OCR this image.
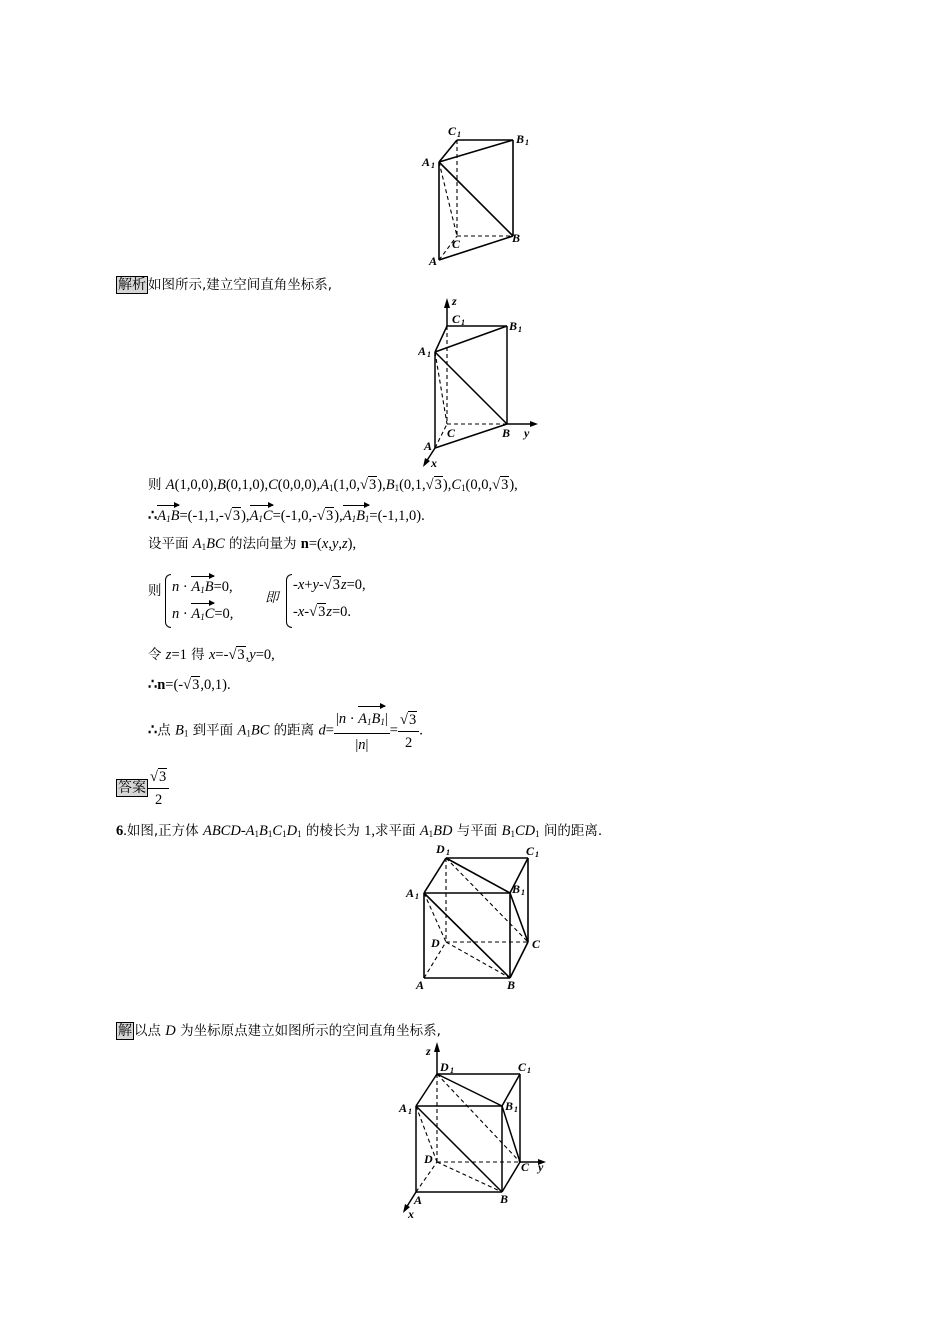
C 1	B 1
A 1
C	B
A
解析 如图所示,建立空间直角坐标系,
z
C 1	B 1
A 1
C	B y
A
x
则 $A(1,0,0),B(0,1,0),C(0,0,0),A_1(1,0,√3),B_1(0,1,√3),C_1(0,0,√3)$,
$\therefore A_1B=(-1,1,-√3),A_1C=(-1,0,-√3),A_1B_1=(-1,1,0)$.
设平面 $A_1BC$ 的法向量为 n=(x,y,z),
则 $n \cdot A_1B=0$,
$n \cdot A_1C=0$,
即
-x+y-√3z=0,
-x-√3z=0.
令 z=1 得 x=-√3,y=0,
∴n=(-√3,0,1).
∴点 $B_1$ 到平面 $A_1BC$ 的距离 $d= \frac{|n \cdot A_1B_1|}{|n|} = \frac{√3}{2}$ .
答案 $\frac{√3}{2}$
6.如图,正方体 ABCD-$A_1B_1C_1D_1$ 的棱长为 1,求平面 $A_1BD$ 与平面 $B_1CD_1$ 间的距离.
D 1	C 1
A 1
B 1
D	C
A	B
解 以点 D 为坐标原点建立如图所示的空间直角坐标系,
z
D 1	C 1
A 1	B 1
D
C y
A	B
x
